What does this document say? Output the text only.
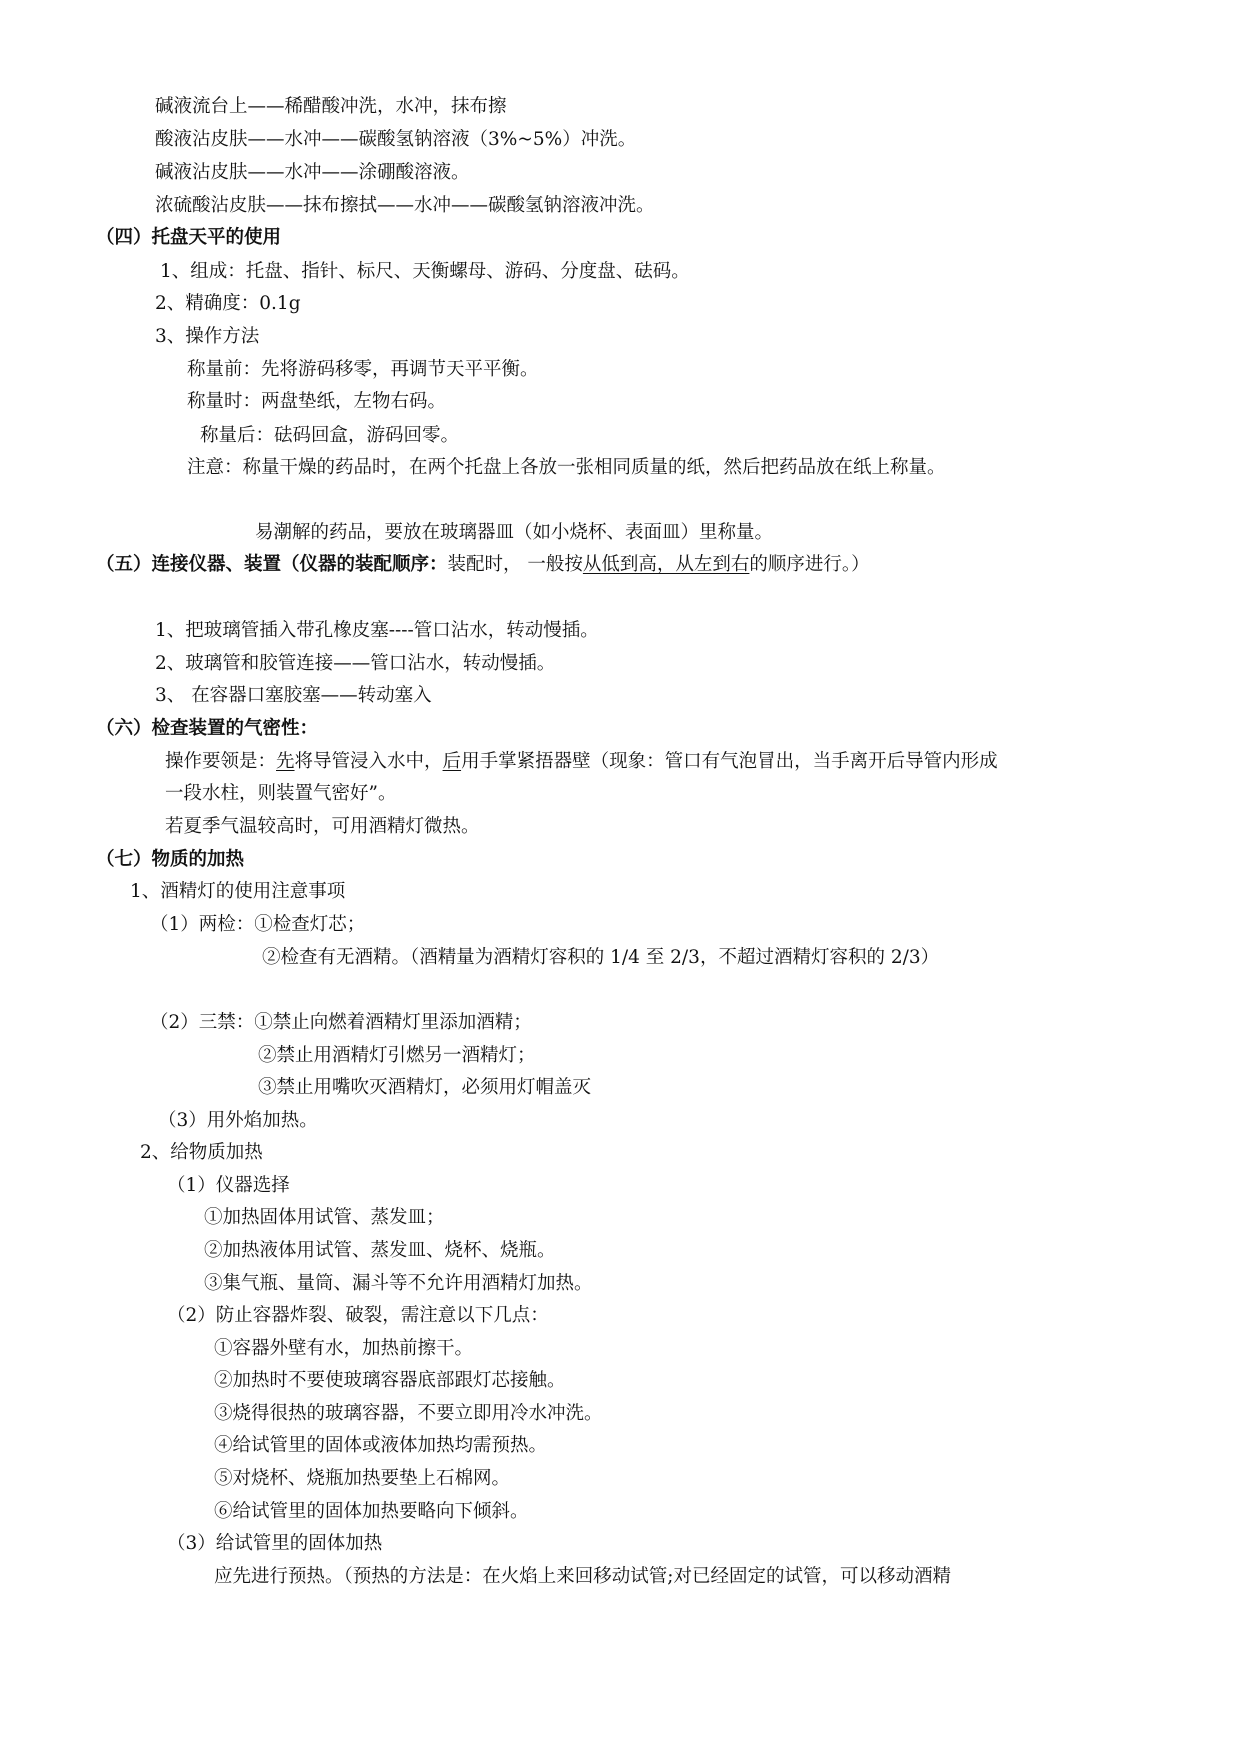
碱液流台上——稀醋酸冲洗，水冲，抹布擦
酸液沾皮肤——水冲——碳酸氢钠溶液（3%~5%）冲洗。
碱液沾皮肤——水冲——涂硼酸溶液。
浓硫酸沾皮肤——抹布擦拭——水冲——碳酸氢钠溶液冲洗。
（四）托盘天平的使用
1、组成：托盘、指针、标尺、天衡螺母、游码、分度盘、砝码。
2、精确度：0.1g
3、操作方法
称量前：先将游码移零，再调节天平平衡。
称量时：两盘垫纸，左物右码。
称量后：砝码回盒，游码回零。
注意：称量干燥的药品时，在两个托盘上各放一张相同质量的纸，然后把药品放在纸上称量。
易潮解的药品，要放在玻璃器皿（如小烧杯、表面皿）里称量。
（五）连接仪器、装置（仪器的装配顺序：装配时， 一般按从低到高，从左到右的顺序进行。）
1、把玻璃管插入带孔橡皮塞----管口沾水，转动慢插。
2、玻璃管和胶管连接——管口沾水，转动慢插。
3、 在容器口塞胶塞——转动塞入
（六）检查装置的气密性：
操作要领是：先将导管浸入水中，后用手掌紧捂器壁（现象：管口有气泡冒出，当手离开后导管内形成
一段水柱，则装置气密好”。
若夏季气温较高时，可用酒精灯微热。
（七）物质的加热
1、酒精灯的使用注意事项
（1）两检：①检查灯芯；
②检查有无酒精。（酒精量为酒精灯容积的 1/4 至 2/3，不超过酒精灯容积的 2/3）
（2）三禁：①禁止向燃着酒精灯里添加酒精；
②禁止用酒精灯引燃另一酒精灯；
③禁止用嘴吹灭酒精灯，必须用灯帽盖灭
（3）用外焰加热。
2、给物质加热
（1）仪器选择
①加热固体用试管、蒸发皿；
②加热液体用试管、蒸发皿、烧杯、烧瓶。
③集气瓶、量筒、漏斗等不允许用酒精灯加热。
（2）防止容器炸裂、破裂，需注意以下几点：
①容器外壁有水，加热前擦干。
②加热时不要使玻璃容器底部跟灯芯接触。
③烧得很热的玻璃容器，不要立即用冷水冲洗。
④给试管里的固体或液体加热均需预热。
⑤对烧杯、烧瓶加热要垫上石棉网。
⑥给试管里的固体加热要略向下倾斜。
（3）给试管里的固体加热
应先进行预热。（预热的方法是：在火焰上来回移动试管;对已经固定的试管，可以移动酒精
